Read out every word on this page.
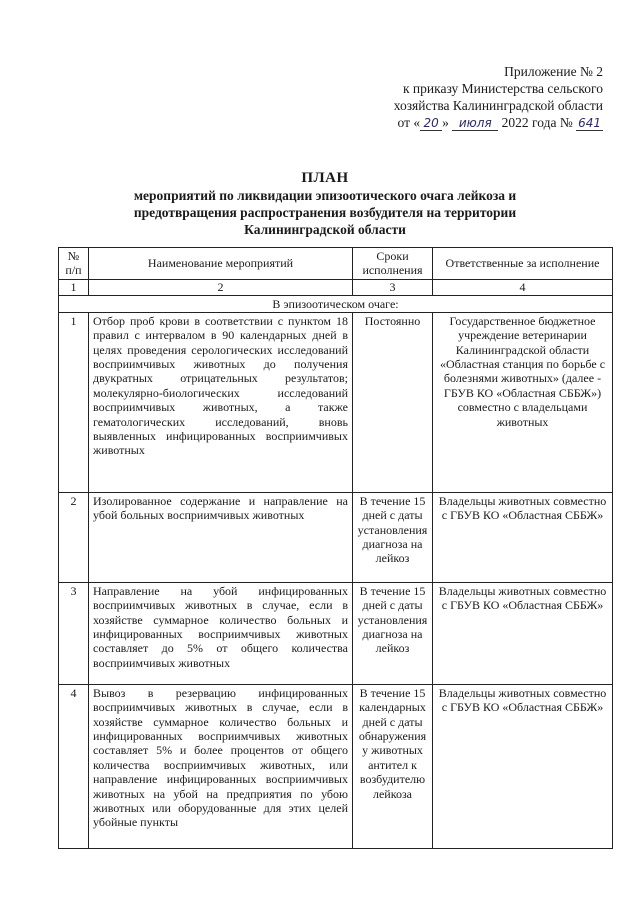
Приложение № 2
к приказу Министерства сельского
хозяйства Калининградской области
от « 20 » июля 2022 года № 641
ПЛАН
мероприятий по ликвидации эпизоотического очага лейкоза и
предотвращения распространения возбудителя на территории
Калининградской области
№ п/п	Наименование мероприятий	Сроки исполнения	Ответственные за исполнение
1	2	3	4
В эпизоотическом очаге:			
1	Отбор проб крови в соответствии с пунктом 18 правил с интервалом в 90 календарных дней в целях проведения серологических исследований восприимчивых животных до получения двукратных отрицательных результатов; молекулярно-биологических исследований восприимчивых животных, а также гематологических исследований, вновь выявленных инфицированных восприимчивых животных	Постоянно	Государственное бюджетное учреждение ветеринарии Калининградской области «Областная станция по борьбе с болезнями животных» (далее - ГБУВ КО «Областная СББЖ») совместно с владельцами животных
2	Изолированное содержание и направление на убой больных восприимчивых животных	В течение 15 дней с даты установления диагноза на лейкоз	Владельцы животных совместно с ГБУВ КО «Областная СББЖ»
3	Направление на убой инфицированных восприимчивых животных в случае, если в хозяйстве суммарное количество больных и инфицированных восприимчивых животных составляет до 5% от общего количества восприимчивых животных	В течение 15 дней с даты установления диагноза на лейкоз	Владельцы животных совместно с ГБУВ КО «Областная СББЖ»
4	Вывоз в резервацию инфицированных восприимчивых животных в случае, если в хозяйстве суммарное количество больных и инфицированных восприимчивых животных составляет 5% и более процентов от общего количества восприимчивых животных, или направление инфицированных восприимчивых животных на убой на предприятия по убою животных или оборудованные для этих целей убойные пункты	В течение 15 календарных дней с даты обнаружения у животных антител к возбудителю лейкоза	Владельцы животных совместно с ГБУВ КО «Областная СББЖ»
